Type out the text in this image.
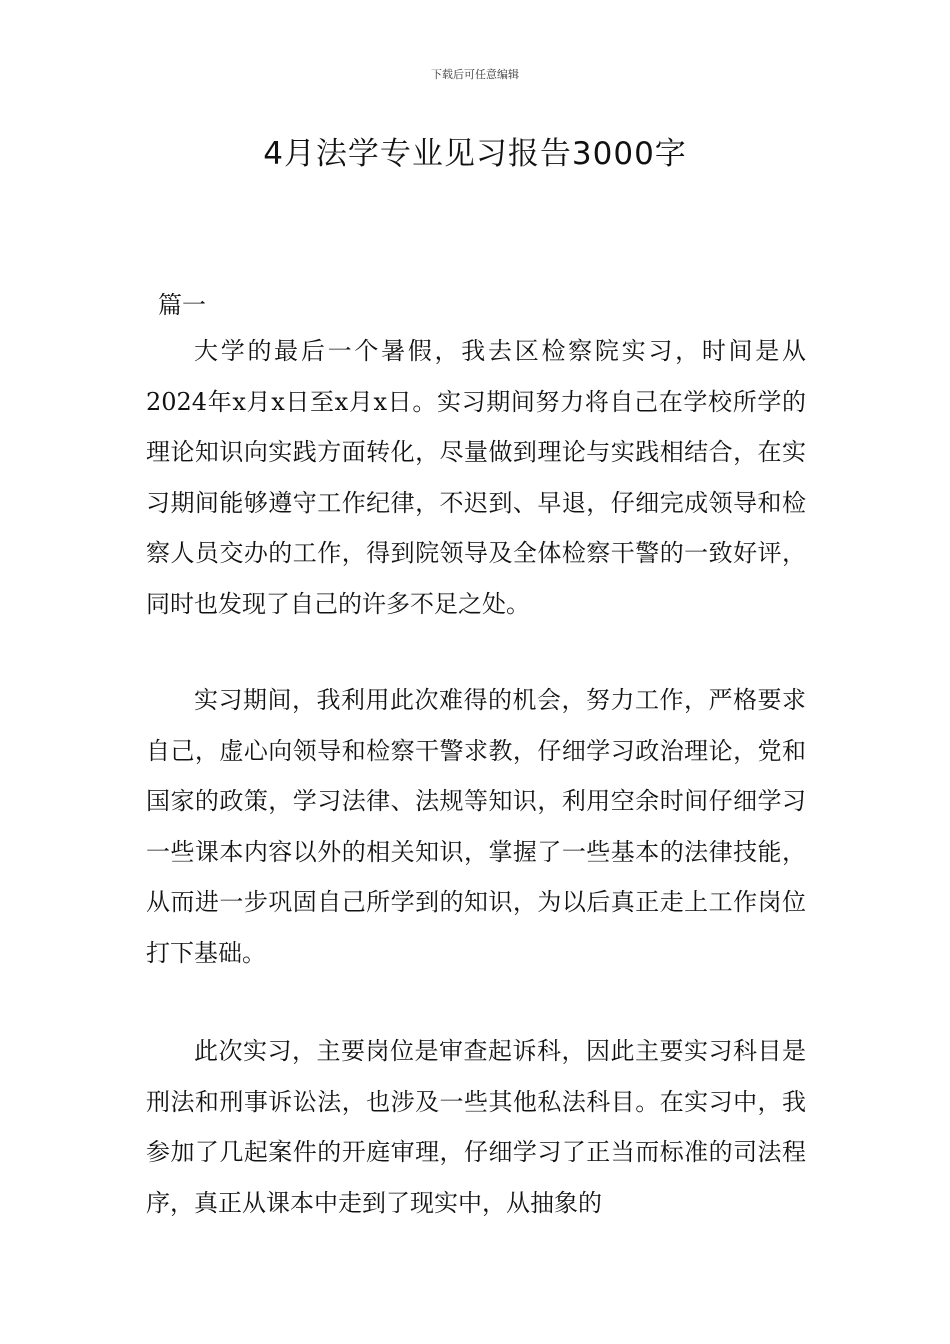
下载后可任意编辑
4月法学专业见习报告3000字
篇一

大学的最后一个暑假，我去区检察院实习，时间是从2024年x月x日至x月x日。实习期间努力将自己在学校所学的理论知识向实践方面转化，尽量做到理论与实践相结合，在实习期间能够遵守工作纪律，不迟到、早退，仔细完成领导和检察人员交办的工作，得到院领导及全体检察干警的一致好评，同时也发现了自己的许多不足之处。

实习期间，我利用此次难得的机会，努力工作，严格要求自己，虚心向领导和检察干警求教，仔细学习政治理论，党和国家的政策，学习法律、法规等知识，利用空余时间仔细学习一些课本内容以外的相关知识，掌握了一些基本的法律技能，从而进一步巩固自己所学到的知识，为以后真正走上工作岗位打下基础。

此次实习，主要岗位是审查起诉科，因此主要实习科目是刑法和刑事诉讼法，也涉及一些其他私法科目。在实习中，我参加了几起案件的开庭审理，仔细学习了正当而标准的司法程序，真正从课本中走到了现实中，从抽象的
